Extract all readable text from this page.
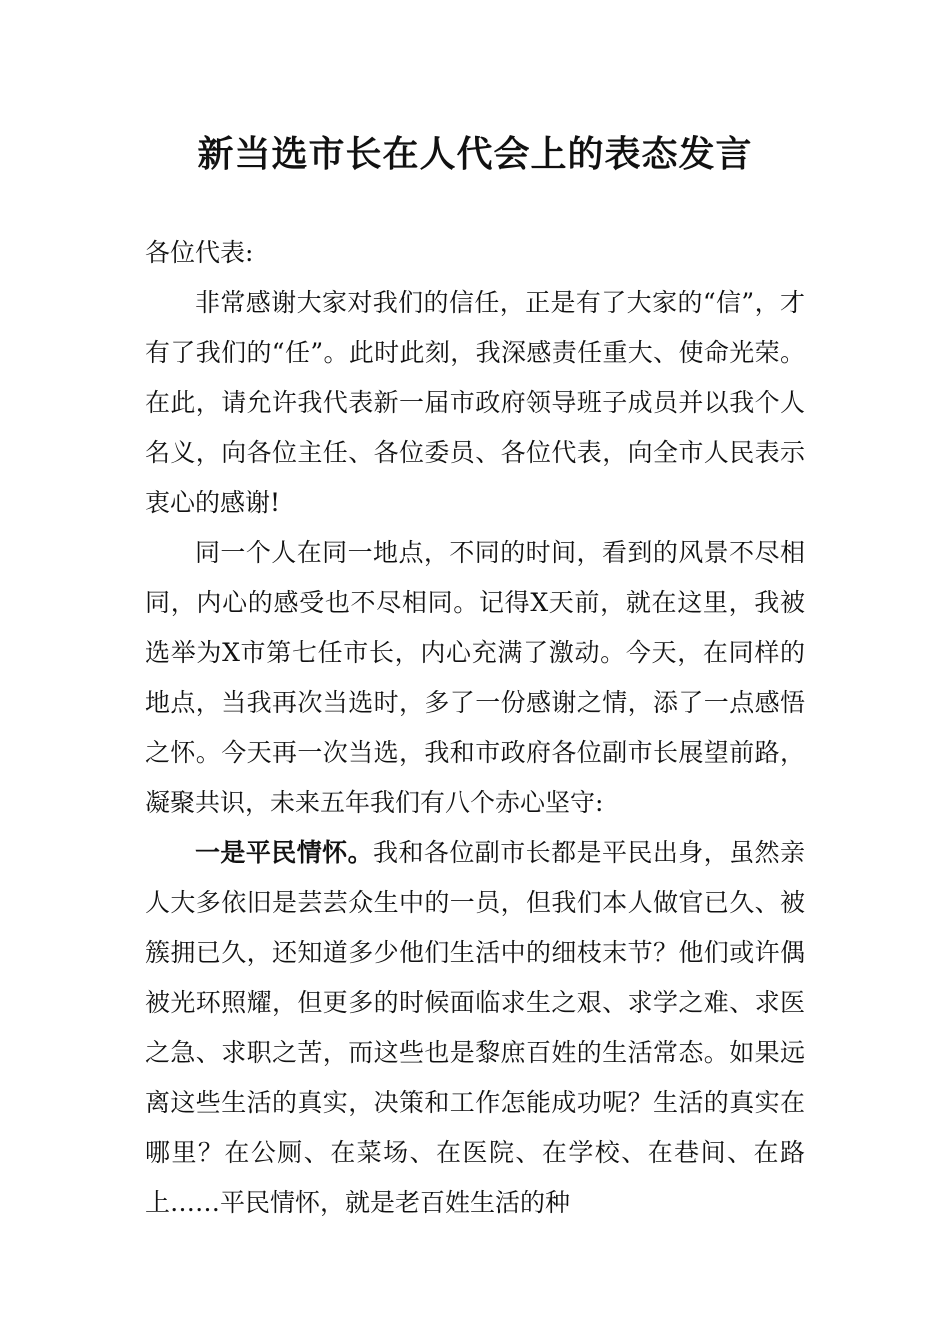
新当选市长在人代会上的表态发言

各位代表:

非常感谢大家对我们的信任，正是有了大家的“信”，才有了我们的“任”。此时此刻，我深感责任重大、使命光荣。在此，请允许我代表新一届市政府领导班子成员并以我个人名义，向各位主任、各位委员、各位代表，向全市人民表示衷心的感谢!

同一个人在同一地点，不同的时间，看到的风景不尽相同，内心的感受也不尽相同。记得X天前，就在这里，我被选举为X市第七任市长，内心充满了激动。今天，在同样的地点，当我再次当选时，多了一份感谢之情，添了一点感悟之怀。今天再一次当选，我和市政府各位副市长展望前路，凝聚共识，未来五年我们有八个赤心坚守:

一是平民情怀。我和各位副市长都是平民出身，虽然亲人大多依旧是芸芸众生中的一员，但我们本人做官已久、被簇拥已久，还知道多少他们生活中的细枝末节？他们或许偶被光环照耀，但更多的时候面临求生之艰、求学之难、求医之急、求职之苦，而这些也是黎庶百姓的生活常态。如果远离这些生活的真实，决策和工作怎能成功呢？生活的真实在哪里？在公厕、在菜场、在医院、在学校、在巷间、在路上……平民情怀，就是老百姓生活的种
